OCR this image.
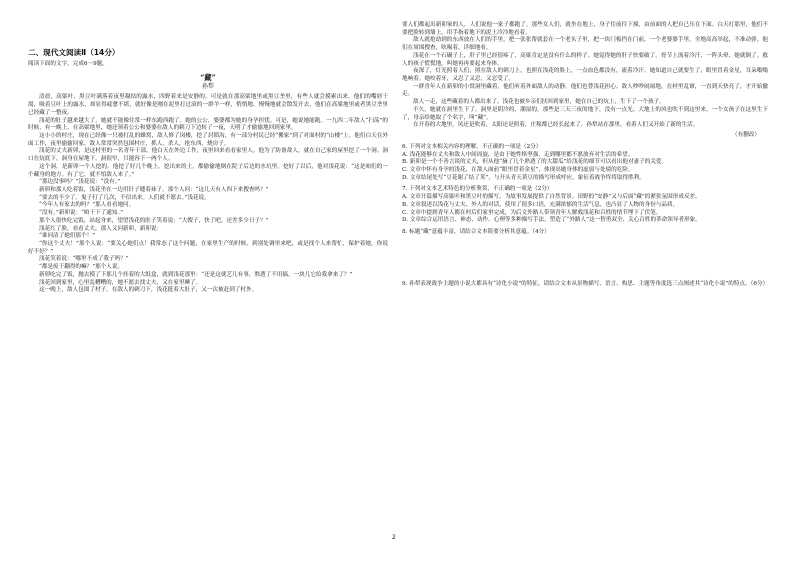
二、现代文阅读Ⅱ（14分）

阅读下面的文字，完成6～9题。

“藏”

孙犁

清晨，高粱叶、黑豆叶满落着夜里凝结的露水，四野着来是安静的。可是就在那高粱地里或黑豆垄里，有些人就会摸索出来。他们的嘴唇干渴，吸着豆叶上的露水，却显得疲惫不堪，就好像是刚在泥里打过滚的一群羊一样，悄悄地、慢慢地就会散发开去，他们在高粱地里或者黑豆垄里已经藏了一整夜。

浅花的肚子越来越大了，她就不能像往常一样东跑西跑了。她的公公、婆婆都为她的身孕担忧。可是，她说她能跑。一九四二年敌人“扫荡”的时候，有一晚上，在高粱地里，她还领着公公和婆婆在敌人的刺刀下边转了一夜，天明了才偷偷地回到家里。

这小小的村庄，现在已经像一只被打乱的蜂窝，敌人修了岗楼，挖了封锁沟，有一部分村民已经“搬家”到了对面村的“山楼”上。他们白天在外面工作，夜里偷偷回家。敌人常常突然包围村庄，抓人，杀人，抢东西，烧房子。

浅花的丈夫新卯，是这村里的一名青年干部，他白天在外边工作，夜里回来看看家里人。他为了防备敌人，就在自己家的屋里挖了一个洞。洞口在炕底下，洞身在屋地下，洞很窄，只能容下一两个人。

这个洞，是新卯一个人挖的。他挖了好几个晚上，挖出来的土，都偷偷地倒在院子后边的水坑里。挖好了以后，他对浅花说：“这是咱们的一个藏身的地方。有了它，就不怕敌人来了。”

“那边没事吗？”浅花说：“没有。”

新卯和那人吃着饭，浅花坐在一边用针子缝着袜子。那个人问：“这几天有人四下来搜查吗？”

“要去的不少了。鬼子打了几次，不信出来。人们就不愿去。”浅花说。

“今年人有家去的吗？”那人看看她问。

“没有。”新卯说：“咱干下了通知。”

那个人很快吃完饭，站起身来，望望浅花的肚子笑着说：“大嫂子，快了吧，还差多少日子？”

浅花红了脸，看看丈夫，那人又问新卯，新卯说：

“谁问清了她们那个！”

“你这个丈夫！”那个人说：“要关心她们点！我常态了这个问题，在家里生产的时候，到别处调里来吧，或是找个人来帮忙，保护着她，你说好不好？”

浅花笑着说：“哪里不成了我子吗？”

“都是废于翻得的嘛？”那个人说。

新卯吃完了饭，抛去摸了下那几个挂着的大纸盒，就到浅花那里：“还是这就艺儿有事，熬透了不用搞，一块儿它给我拿来了？”

浅花回到家里，心里乱糟糟的，她不愿去找丈夫，又在家里睡了。

这一晚上，敌人包围了村子。在敌人的刺刀下，浅花挺着大肚子，又一次被赶到了村外。

要人们都起出新卯家的人，人们说他一家子都跑了。那些女人们，就坐在地上，身子往前往下撞，由前面的人把自己压在下面。白天打那里，他们不要把脸转到墙上，用手指着地下的泥土冷冷地看着。

敌人就抢劫到的东西放在人们的手里，把一张张帮就套在一个老头子里，把一块门板挡在门前，一个老婆婆手里，全地高高举起，不准动弹。他们在周围搜查，吆喝着，详细地看。

浅花在一个石碾子上，肝子里已经很疼了，高粱肯定是没有什么的样子。她觉得她的肝子快要破了。骨节上流着冷汗，一阵头晕，她就倒了。救人的孩子慌慌地，叫她再再要起来身体。

夜深了，灯光照着人们，照在敌人的刺刀上，也照在浅花的脸上，一点血色都没有，流着冷汗。她知道自己就要生了，眼里冒着金星，耳朵嗡嗡地响着。她咬着牙，又忍了又忍，又忍受了。

一群青年人在新卯的小窝洞里藏着，他们听着外面敌人的动静。他们也替浅花担心。敌人吵吵闹闹地，在村里乱窜，一直到天快亮了，才开始撤走。

敌人一走，这些藏着的人都出来了。浅花也被乡亲们扶回到家里，她在自己的炕上，生下了一个孩子。

不久，她就在洞里生下了。洞里是阴冷的、潮湿的，那些是三天三夜的地下，没有一点光。大地上的风也吹不到这里来。一个女孩子在这里生下了，母亲给她取了个名字，叫“藏”。

在开春的大地里，风还是吹着，太阳还是照着，庄稼都已经长起来了，孙犁站在那里，看着人们又开始了新的生活。

（有删改）

6. 下列对文本相关内容的理解，不正确的一项是（2分）

A. 浅花能够在丈夫和敌人中间周旋，是由于她性格坚强，走到哪里都不愿放弃对生活的希望。

B. 新卯是一个不善言谈的丈夫，但从他“摘了几个熟透了的大甜瓜”给浅花的细节可以看出他对妻子的关爱。

C. 文章中怀有身孕的浅花，在敌人面前“眼里冒着金星”，体现出她身体的虚弱与处境的危险。

D. 文章结尾处写“豆花谢了结了荚”，与开头青天黄豆的描写形成呼应，象征着战争终将取得胜利。

7. 下列对文本艺术特色的分析鉴赏，不正确的一项是（2分）

A. 文章开篇描写高粱叶和黑豆叶的描写，为故事发展提供了自然背景。田野的“安静”又与后面“藏”的紧张氛围形成反差。

B. 文章叙述以浅花与丈夫、外人的对话，使用了很多口语，充满浓郁的生活气息，也凸显了人物的身份与品质。

C. 文章中提到青年人都在村后们家里完成，为后文外路人带领青年人解救浅花和百姓的情节埋下了伏笔。

D. 文章综合运用语言、神态、动作、心理等多种描写手法，塑造了“外路人”这一智勇双全、关心百姓的革命领导者形象。

8. 标题“藏”意蕴丰富，请结合文本简要分析其意蕴。（4分）

9. 孙犁表现战争主题的小说大都具有“诗化小说”的特征，请结合文本从景物描写、语言、构思、主题等角度选三点阐述其“诗化小说”的特点。（6分）

2
